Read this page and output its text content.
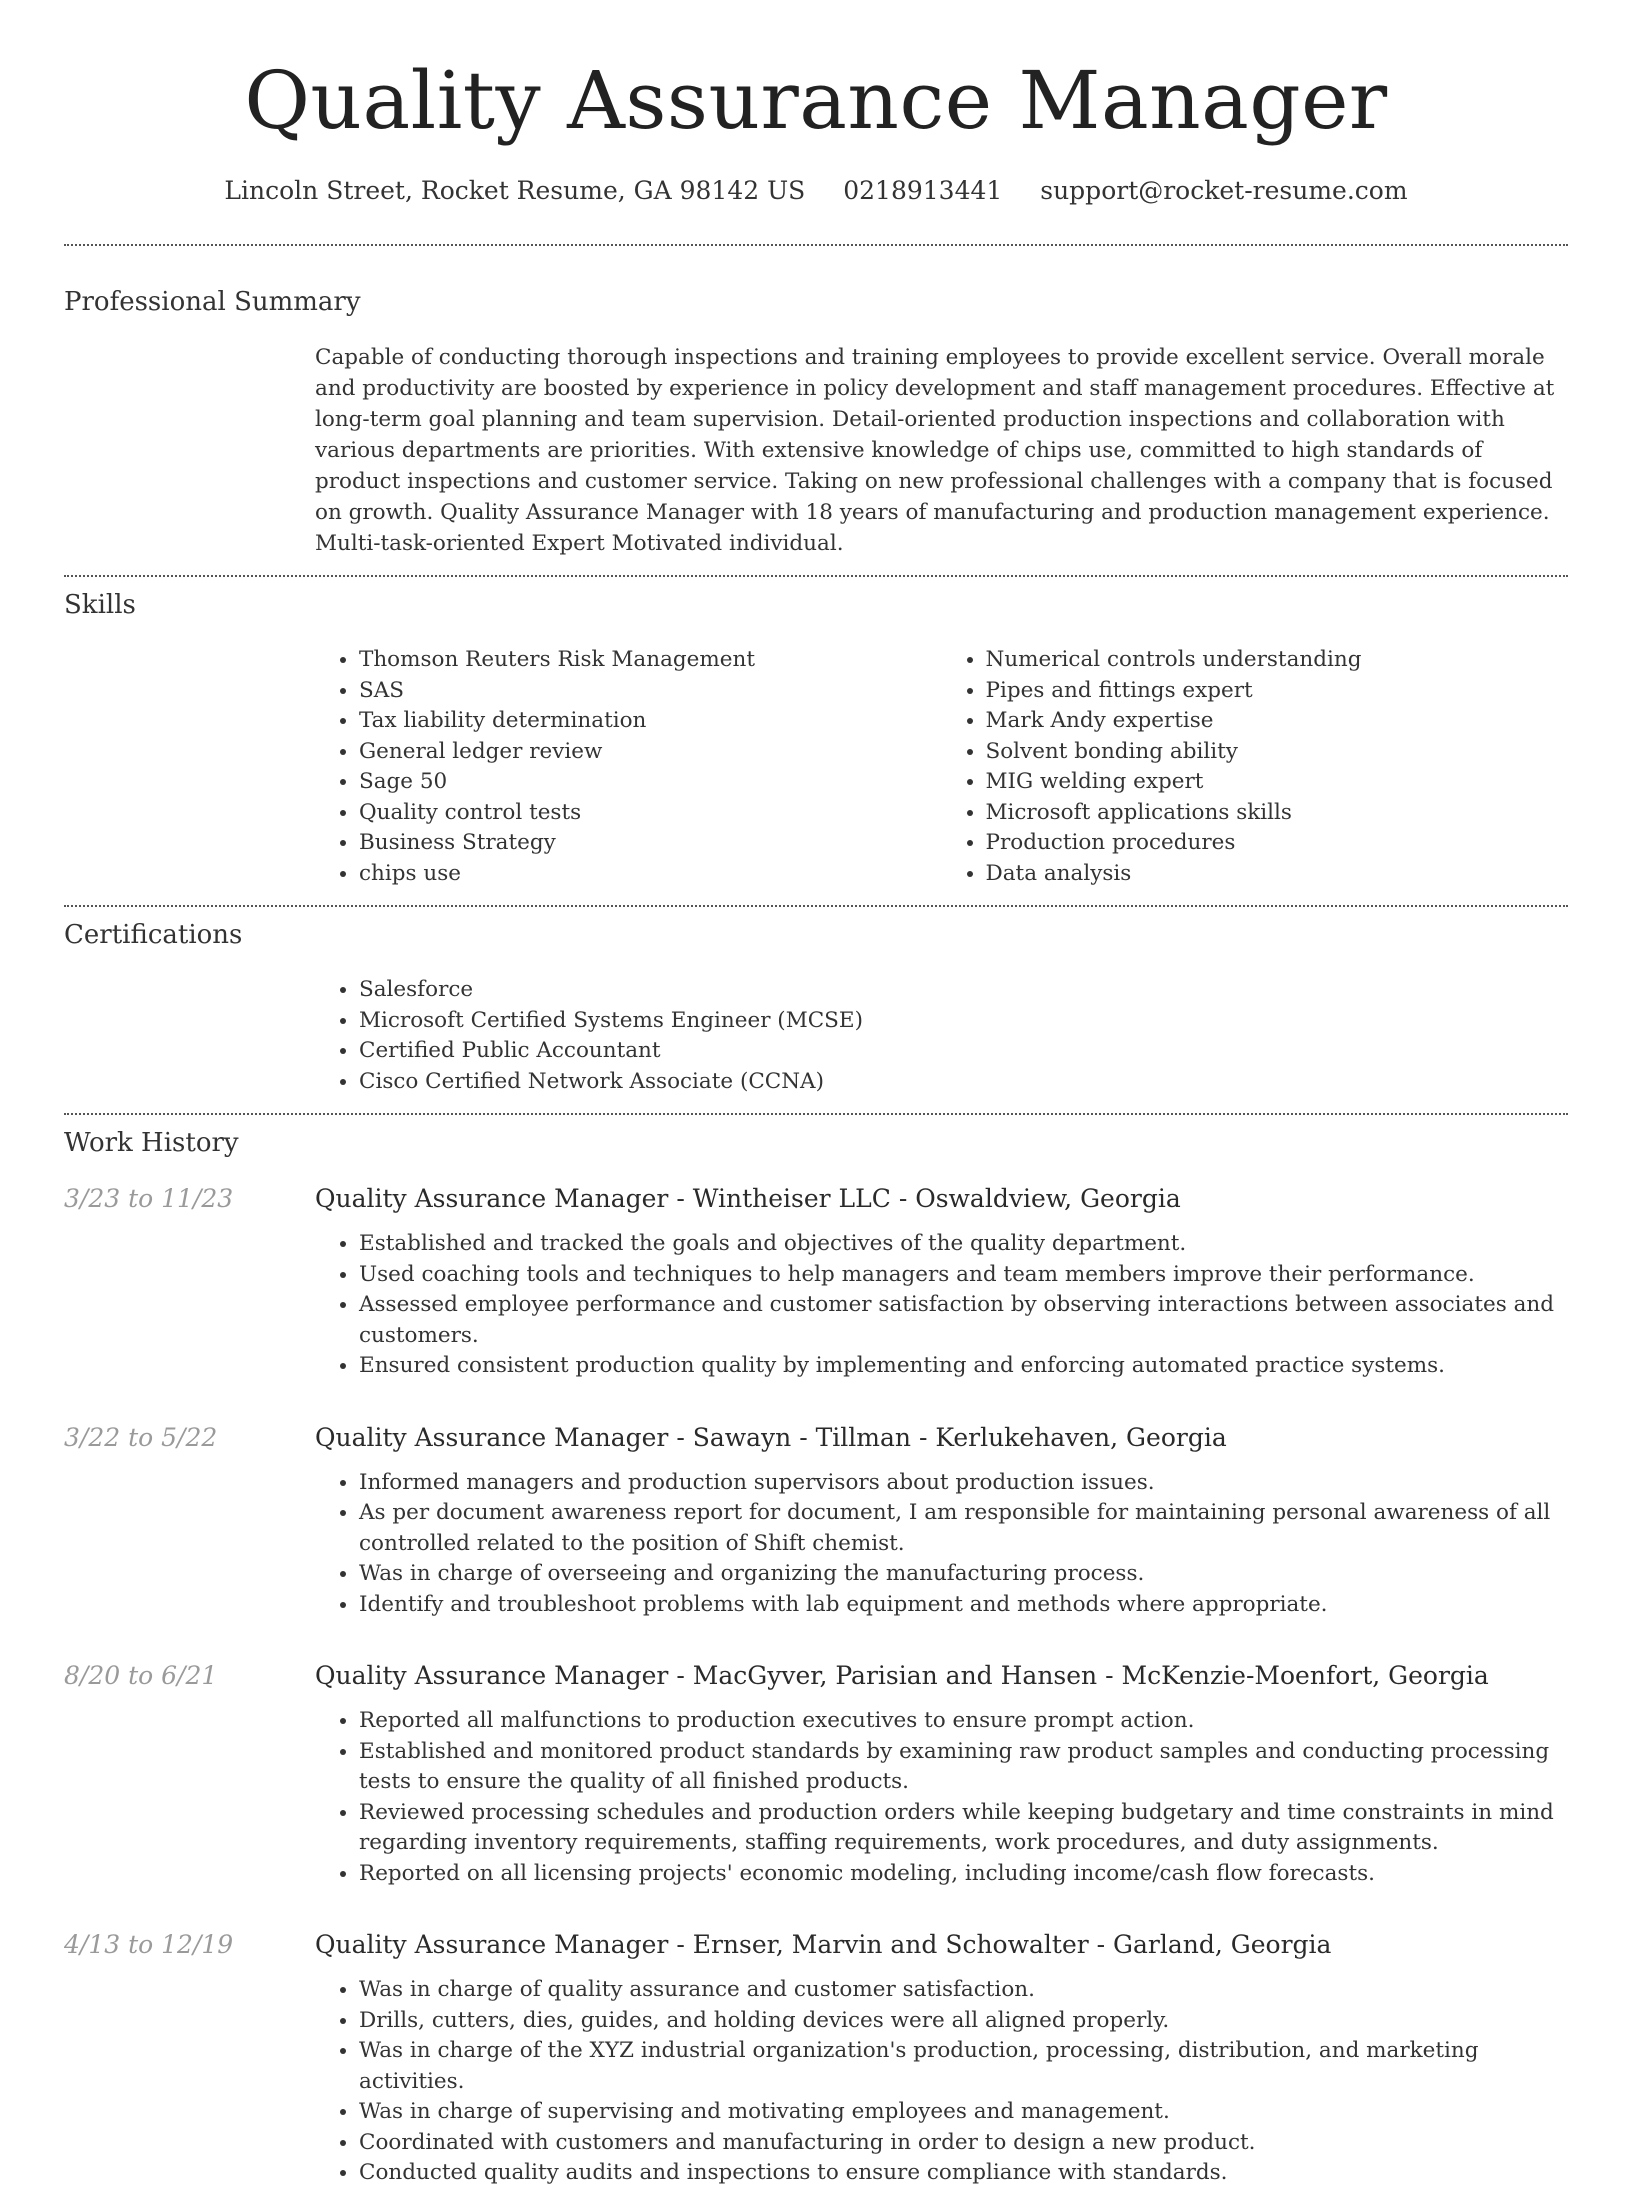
Quality Assurance Manager
Lincoln Street, Rocket Resume, GA 98142 US 0218913441 support@rocket-resume.com
Professional Summary
Capable of conducting thorough inspections and training employees to provide excellent service. Overall morale and productivity are boosted by experience in policy development and staff management procedures. Effective at long-term goal planning and team supervision. Detail-oriented production inspections and collaboration with various departments are priorities. With extensive knowledge of chips use, committed to high standards of product inspections and customer service. Taking on new professional challenges with a company that is focused on growth. Quality Assurance Manager with 18 years of manufacturing and production management experience. Multi-task-oriented Expert Motivated individual.
Skills
• Thomson Reuters Risk Management
• SAS
• Tax liability determination
• General ledger review
• Sage 50
• Quality control tests
• Business Strategy
• chips use
• Numerical controls understanding
• Pipes and fittings expert
• Mark Andy expertise
• Solvent bonding ability
• MIG welding expert
• Microsoft applications skills
• Production procedures
• Data analysis
Certifications
• Salesforce
• Microsoft Certified Systems Engineer (MCSE)
• Certified Public Accountant
• Cisco Certified Network Associate (CCNA)
Work History
3/23 to 11/23	Quality Assurance Manager - Wintheiser LLC - Oswaldview, Georgia
• Established and tracked the goals and objectives of the quality department.
• Used coaching tools and techniques to help managers and team members improve their performance.
• Assessed employee performance and customer satisfaction by observing interactions between associates and customers.
• Ensured consistent production quality by implementing and enforcing automated practice systems.
3/22 to 5/22	Quality Assurance Manager - Sawayn - Tillman - Kerlukehaven, Georgia
• Informed managers and production supervisors about production issues.
• As per document awareness report for document, I am responsible for maintaining personal awareness of all controlled related to the position of Shift chemist.
• Was in charge of overseeing and organizing the manufacturing process.
• Identify and troubleshoot problems with lab equipment and methods where appropriate.
8/20 to 6/21	Quality Assurance Manager - MacGyver, Parisian and Hansen - McKenzie-Moenfort, Georgia
• Reported all malfunctions to production executives to ensure prompt action.
• Established and monitored product standards by examining raw product samples and conducting processing tests to ensure the quality of all finished products.
• Reviewed processing schedules and production orders while keeping budgetary and time constraints in mind regarding inventory requirements, staffing requirements, work procedures, and duty assignments.
• Reported on all licensing projects' economic modeling, including income/cash flow forecasts.
4/13 to 12/19	Quality Assurance Manager - Ernser, Marvin and Schowalter - Garland, Georgia
• Was in charge of quality assurance and customer satisfaction.
• Drills, cutters, dies, guides, and holding devices were all aligned properly.
• Was in charge of the XYZ industrial organization's production, processing, distribution, and marketing activities.
• Was in charge of supervising and motivating employees and management.
• Coordinated with customers and manufacturing in order to design a new product.
• Conducted quality audits and inspections to ensure compliance with standards.
